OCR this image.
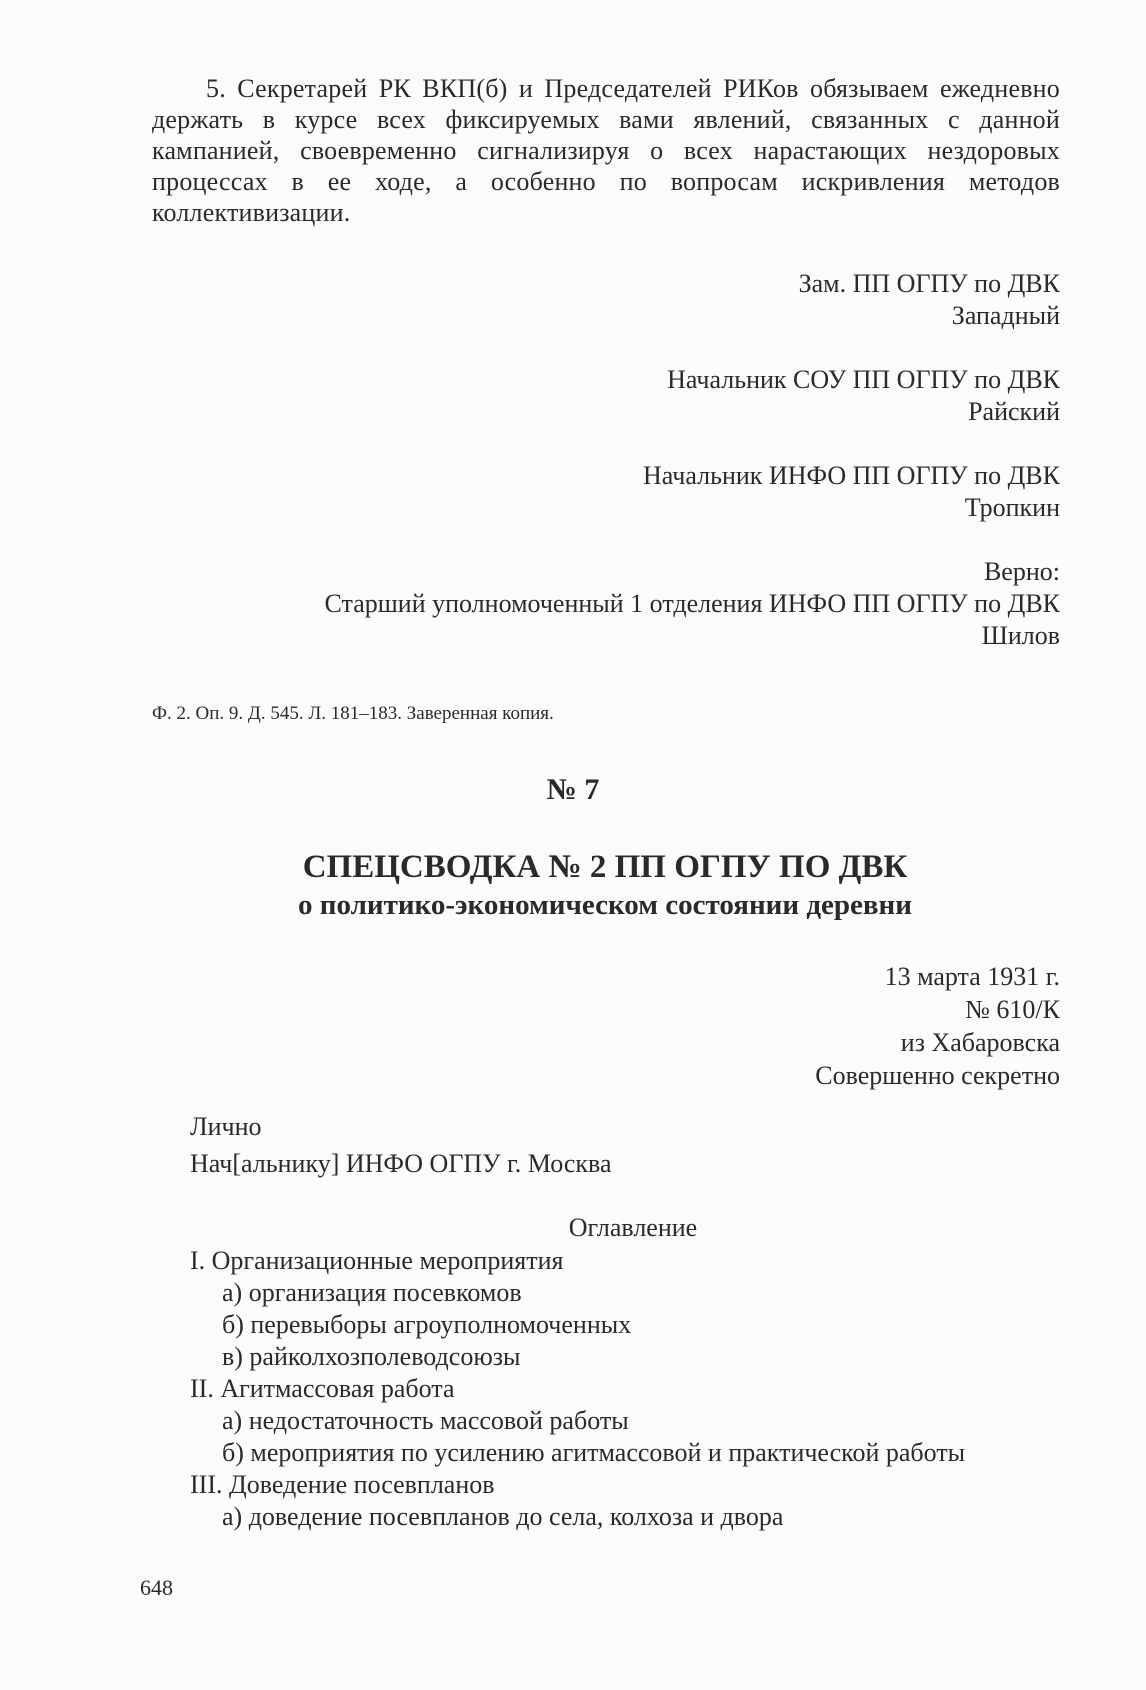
5. Секретарей РК ВКП(б) и Председателей РИКов обязываем ежедневно держать в курсе всех фиксируемых вами явлений, связанных с данной кампанией, своевременно сигнализируя о всех нарастающих нездоровых процессах в ее ходе, а особенно по вопросам искривления методов коллективизации.

Зам. ПП ОГПУ по ДВК
Западный
Начальник СОУ ПП ОГПУ по ДВК
Райский
Начальник ИНФО ПП ОГПУ по ДВК
Тропкин
Верно:
Старший уполномоченный 1 отделения ИНФО ПП ОГПУ по ДВК
Шилов
Ф. 2. Оп. 9. Д. 545. Л. 181–183. Заверенная копия.
№ 7
СПЕЦСВОДКА № 2 ПП ОГПУ ПО ДВК
о политико-экономическом состоянии деревни
13 марта 1931 г.
№ 610/К
из Хабаровска
Совершенно секретно
Лично
Нач[альнику] ИНФО ОГПУ г. Москва
Оглавление
I. Организационные мероприятия
а) организация посевкомов
б) перевыборы агроуполномоченных
в) райколхозполеводсоюзы
II. Агитмассовая работа
а) недостаточность массовой работы
б) мероприятия по усилению агитмассовой и практической работы
III. Доведение посевпланов
а) доведение посевпланов до села, колхоза и двора
648
